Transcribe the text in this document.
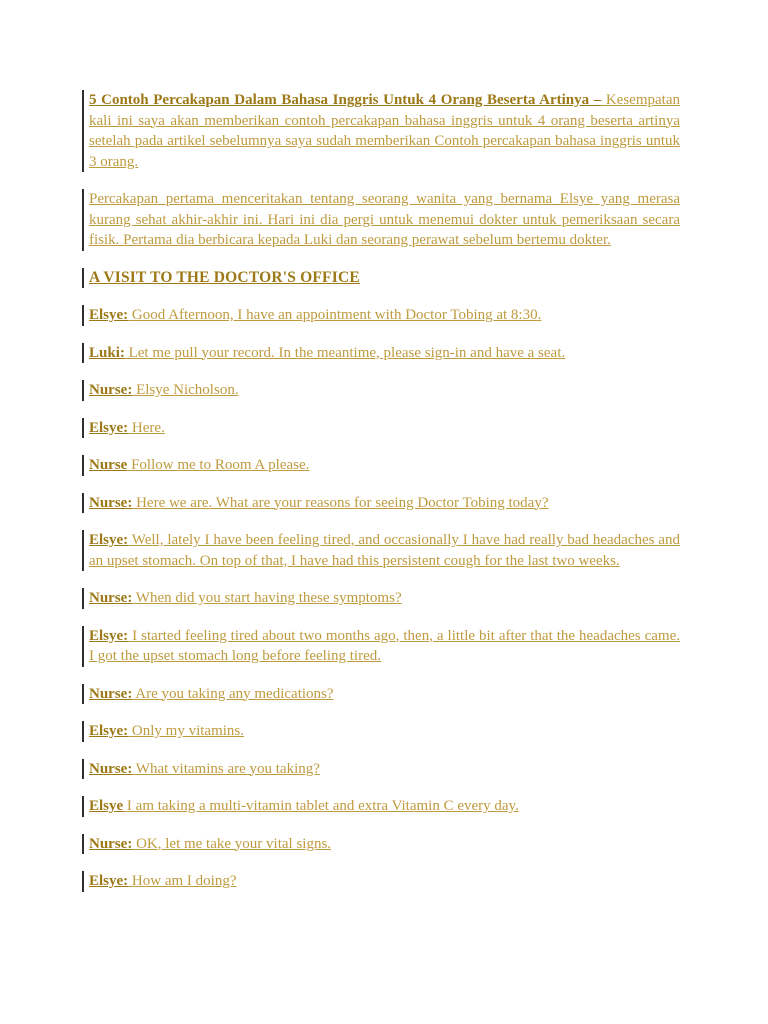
5 Contoh Percakapan Dalam Bahasa Inggris Untuk 4 Orang Beserta Artinya – Kesempatan kali ini saya akan memberikan contoh percakapan bahasa inggris untuk 4 orang beserta artinya setelah pada artikel sebelumnya saya sudah memberikan Contoh percakapan bahasa inggris untuk 3 orang.

Percakapan pertama menceritakan tentang seorang wanita yang bernama Elsye yang merasa kurang sehat akhir-akhir ini. Hari ini dia pergi untuk menemui dokter untuk pemeriksaan secara fisik. Pertama dia berbicara kepada Luki dan seorang perawat sebelum bertemu dokter.

A VISIT TO THE DOCTOR'S OFFICE

Elsye: Good Afternoon, I have an appointment with Doctor Tobing at 8:30.

Luki: Let me pull your record. In the meantime, please sign-in and have a seat.

Nurse: Elsye Nicholson.

Elsye: Here.

Nurse Follow me to Room A please.

Nurse: Here we are. What are your reasons for seeing Doctor Tobing today?

Elsye: Well, lately I have been feeling tired, and occasionally I have had really bad headaches and an upset stomach. On top of that, I have had this persistent cough for the last two weeks.

Nurse: When did you start having these symptoms?

Elsye: I started feeling tired about two months ago, then, a little bit after that the headaches came. I got the upset stomach long before feeling tired.

Nurse: Are you taking any medications?

Elsye: Only my vitamins.

Nurse: What vitamins are you taking?

Elsye I am taking a multi-vitamin tablet and extra Vitamin C every day.

Nurse: OK, let me take your vital signs.

Elsye: How am I doing?
